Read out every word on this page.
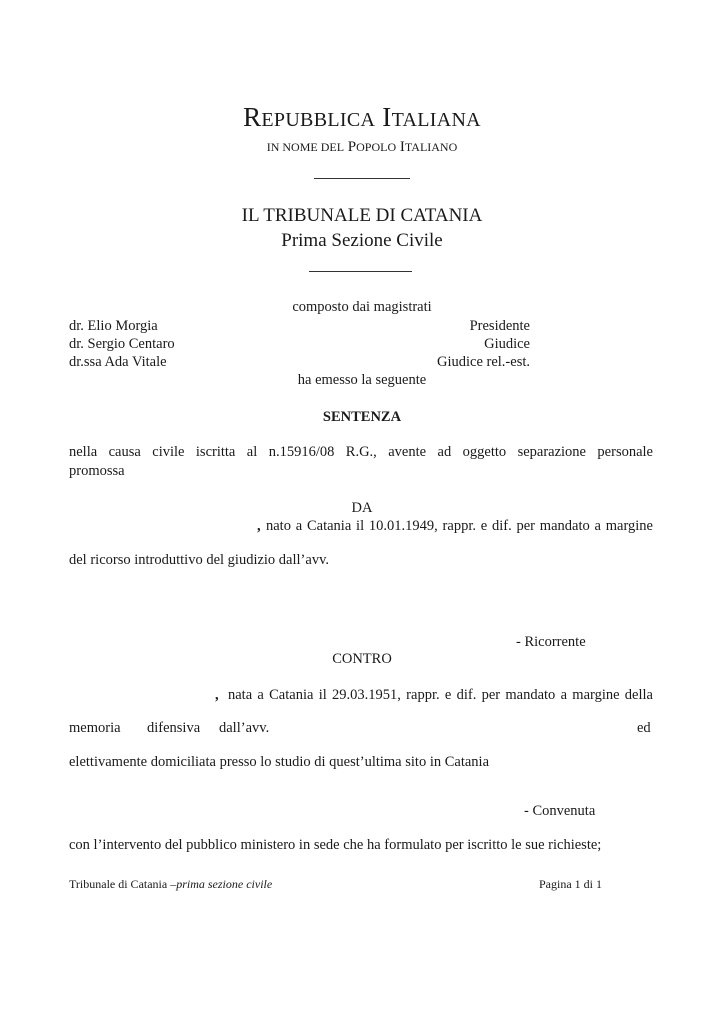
REPUBBLICA ITALIANA
IN NOME DEL POPOLO ITALIANO
IL TRIBUNALE DI CATANIA
Prima Sezione Civile
composto dai magistrati
dr. Elio Morgia	Presidente
dr. Sergio Centaro	Giudice
dr.ssa Ada Vitale	Giudice rel.-est.
ha emesso la seguente
SENTENZA
nella causa civile iscritta al n.15916/08 R.G., avente ad oggetto separazione personale
promossa
DA
, nato a Catania il 10.01.1949, rappr. e dif. per mandato a margine
del ricorso introduttivo del giudizio dall’avv.
- Ricorrente
CONTRO
, nata a Catania il 29.03.1951, rappr. e dif. per mandato a margine della
memoria difensiva dall’avv.	ed
elettivamente domiciliata presso lo studio di quest’ultima sito in Catania
- Convenuta
con l’intervento del pubblico ministero in sede che ha formulato per iscritto le sue richieste;
Tribunale di Catania –prima sezione civile	Pagina 1 di 1
